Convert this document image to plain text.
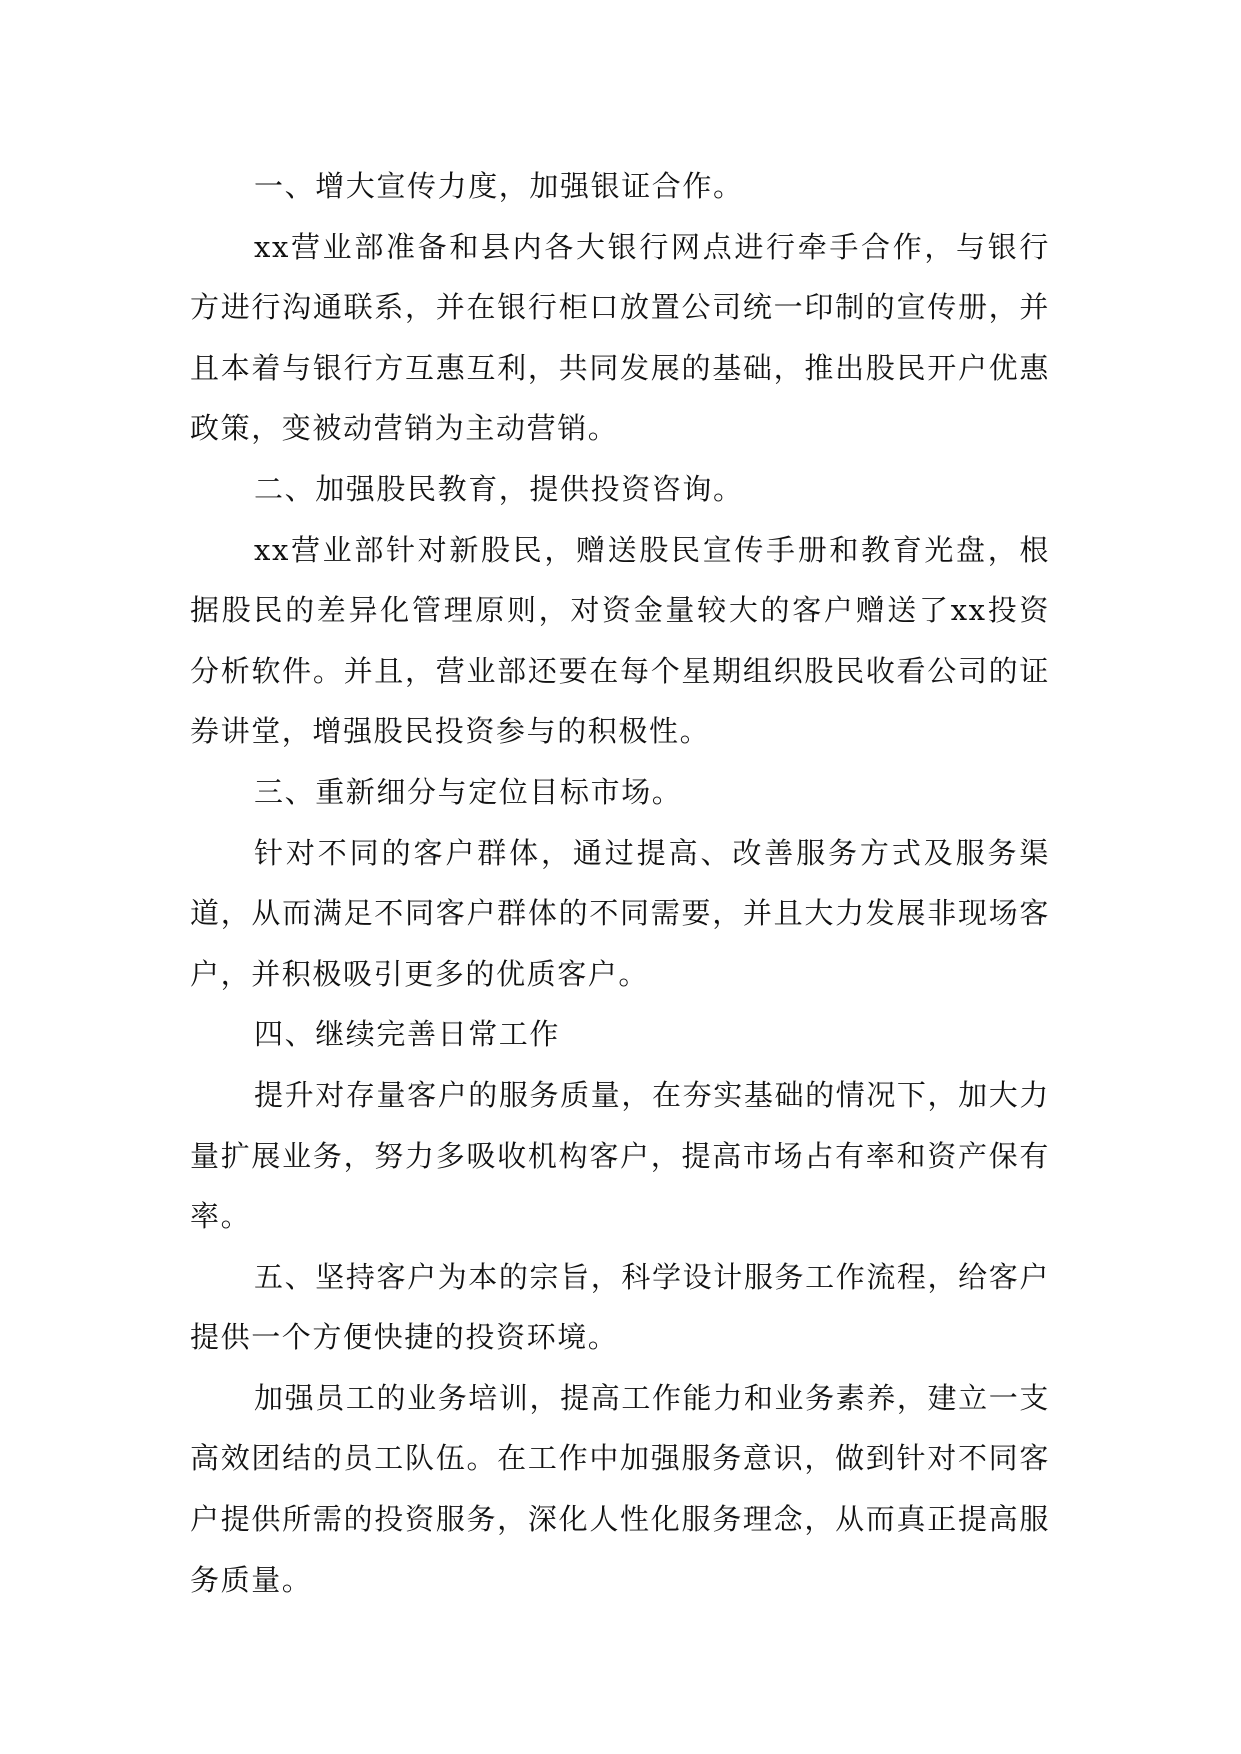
一、增大宣传力度，加强银证合作。

xx营业部准备和县内各大银行网点进行牵手合作，与银行方进行沟通联系，并在银行柜口放置公司统一印制的宣传册，并且本着与银行方互惠互利，共同发展的基础，推出股民开户优惠政策，变被动营销为主动营销。

二、加强股民教育，提供投资咨询。

xx营业部针对新股民，赠送股民宣传手册和教育光盘，根据股民的差异化管理原则，对资金量较大的客户赠送了xx投资分析软件。并且，营业部还要在每个星期组织股民收看公司的证券讲堂，增强股民投资参与的积极性。

三、重新细分与定位目标市场。

针对不同的客户群体，通过提高、改善服务方式及服务渠道，从而满足不同客户群体的不同需要，并且大力发展非现场客户，并积极吸引更多的优质客户。

四、继续完善日常工作

提升对存量客户的服务质量，在夯实基础的情况下，加大力量扩展业务，努力多吸收机构客户，提高市场占有率和资产保有率。

五、坚持客户为本的宗旨，科学设计服务工作流程，给客户提供一个方便快捷的投资环境。

加强员工的业务培训，提高工作能力和业务素养，建立一支高效团结的员工队伍。在工作中加强服务意识，做到针对不同客户提供所需的投资服务，深化人性化服务理念，从而真正提高服务质量。
